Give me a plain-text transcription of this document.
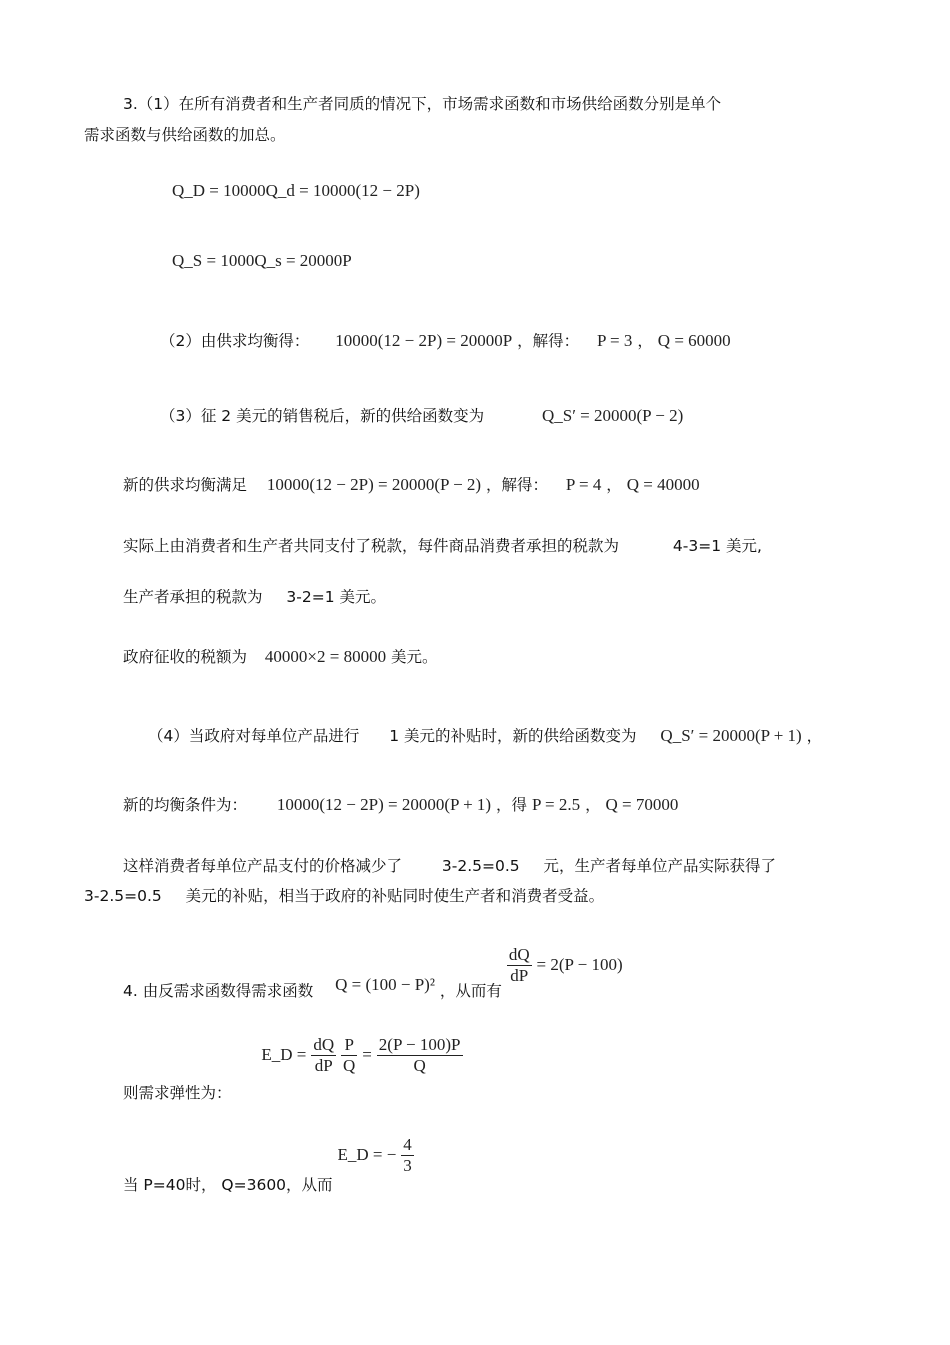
3.（1）在所有消费者和生产者同质的情况下，市场需求函数和市场供给函数分别是单个
需求函数与供给函数的加总。
Q_D = 10000Q_d = 10000(12 − 2P)
Q_S = 1000Q_s = 20000P
（2）由供求均衡得： 10000(12 − 2P) = 20000P ，解得： P = 3 ， Q = 60000
（3）征 2 美元的销售税后，新的供给函数变为	Q_S′ = 20000(P − 2)
新的供求均衡满足 10000(12 − 2P) = 20000(P − 2) ，解得： P = 4 ， Q = 40000
实际上由消费者和生产者共同支付了税款，每件商品消费者承担的税款为	4-3=1 美元,
生产者承担的税款为 3-2=1 美元。
政府征收的税额为 40000×2 = 80000 美元。
（4）当政府对每单位产品进行 1 美元的补贴时，新的供给函数变为 Q_S′ = 20000(P + 1) ，
新的均衡条件为： 10000(12 − 2P) = 20000(P + 1) ，得 P = 2.5 ， Q = 70000
这样消费者每单位产品支付的价格减少了	3-2.5=0.5 元，生产者每单位产品实际获得了
3-2.5=0.5 美元的补贴，相当于政府的补贴同时使生产者和消费者受益。
4. 由反需求函数得需求函数 Q = (100 − P)² ，从而有
$\frac{dQ}{dP} = 2(P - 100)$
则需求弹性为：  E_D = $\frac{dQ}{dP}$
$\frac{P}{Q} = \frac{2(P - 100)P}{Q}$
当 P=40时， Q=3600，从而 E_D = − $\frac{4}{3}$
